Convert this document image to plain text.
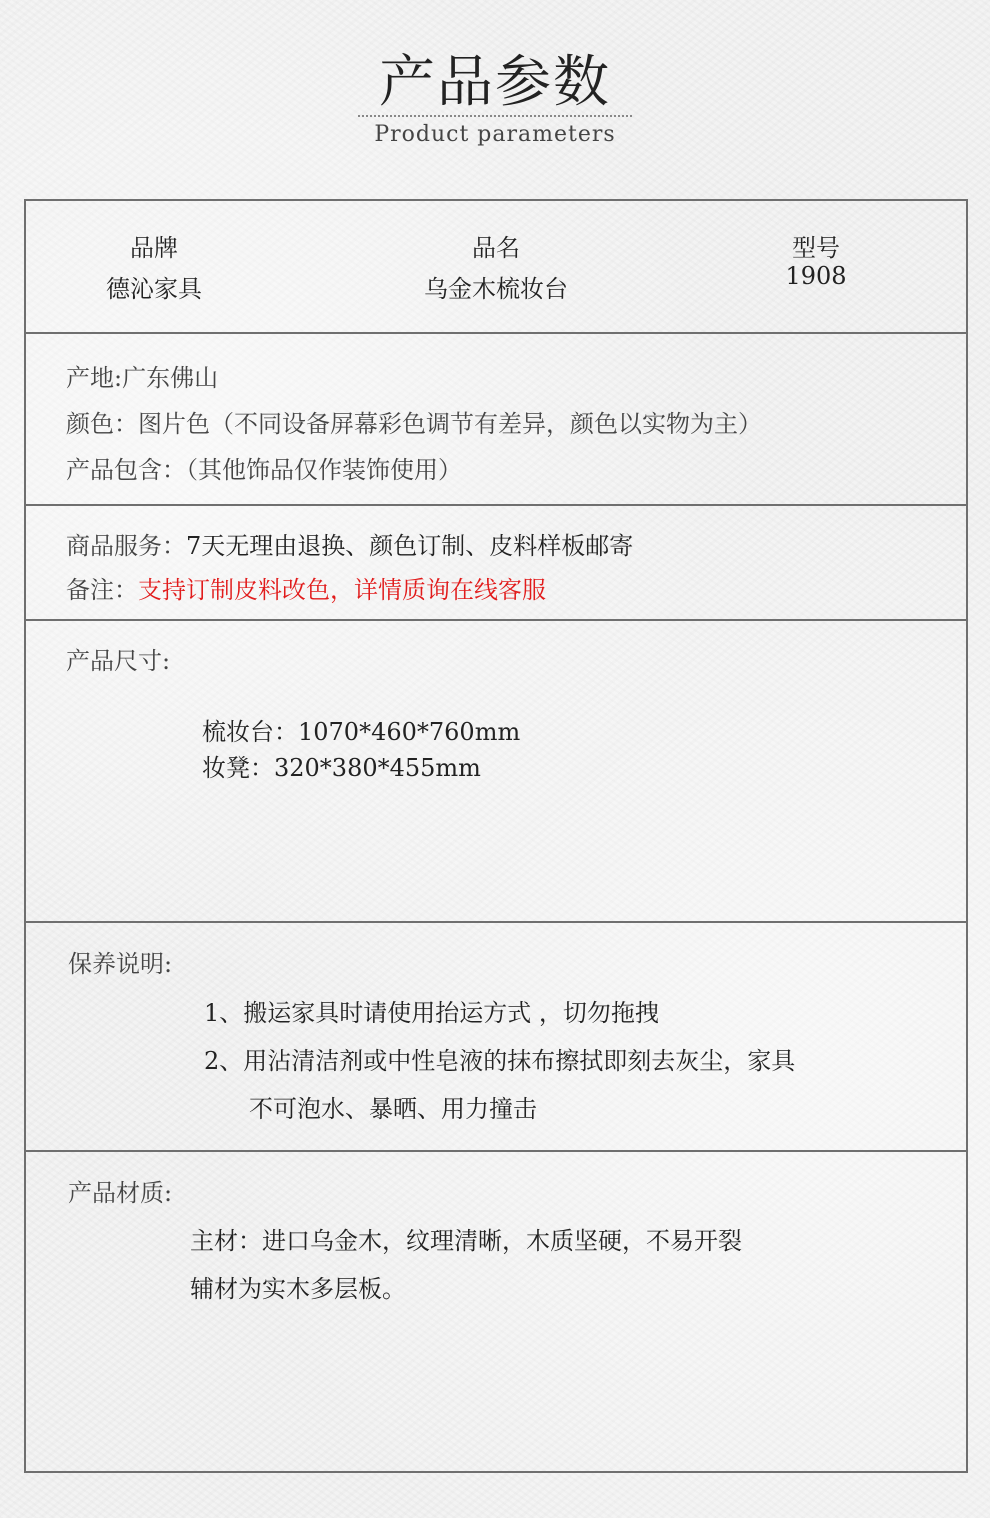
产品参数
Product parameters
品牌
德沁家具
品名
乌金木梳妆台
型号
1908
产地:广东佛山
颜色：图片色（不同设备屏幕彩色调节有差异，颜色以实物为主）
产品包含：（其他饰品仅作装饰使用）
商品服务：7天无理由退换、颜色订制、皮料样板邮寄
备注：支持订制皮料改色，详情质询在线客服
产品尺寸:
梳妆台：1070*460*760mm
妆凳：320*380*455mm
保养说明:
1、搬运家具时请使用抬运方式 ，切勿拖拽
2、用沾清洁剂或中性皂液的抹布擦拭即刻去灰尘，家具
不可泡水、暴晒、用力撞击
产品材质:
主材：进口乌金木，纹理清晰，木质坚硬，不易开裂
辅材为实木多层板。
